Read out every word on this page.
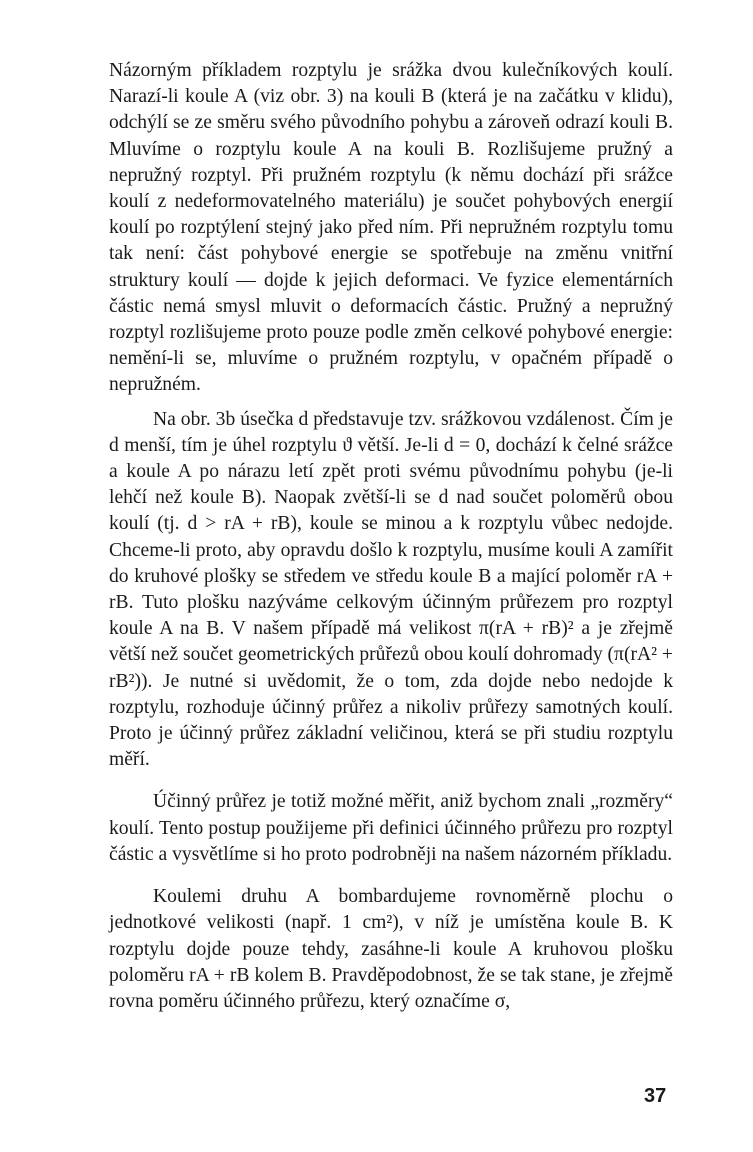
Názorným příkladem rozptylu je srážka dvou kulečníkových koulí. Narazí-li koule A (viz obr. 3) na kouli B (která je na začátku v klidu), odchýlí se ze směru svého původního pohybu a zároveň odrazí kouli B. Mluvíme o rozptylu koule A na kouli B. Rozlišujeme pružný a nepružný rozptyl. Při pružném rozptylu (k němu dochází při srážce koulí z nedeformovatelného materiálu) je součet pohybových energií koulí po rozptýlení stejný jako před ním. Při nepružném rozptylu tomu tak není: část pohybové energie se spotřebuje na změnu vnitřní struktury koulí — dojde k jejich deformaci. Ve fyzice elementárních částic nemá smysl mluvit o deformacích částic. Pružný a nepružný rozptyl rozlišujeme proto pouze podle změn celkové pohybové energie: nemění-li se, mluvíme o pružném rozptylu, v opačném případě o nepružném.

Na obr. 3b úsečka d představuje tzv. srážkovou vzdálenost. Čím je d menší, tím je úhel rozptylu ϑ větší. Je-li d = 0, dochází k čelné srážce a koule A po nárazu letí zpět proti svému původnímu pohybu (je-li lehčí než koule B). Naopak zvětší-li se d nad součet poloměrů obou koulí (tj. d > rA + rB), koule se minou a k rozptylu vůbec nedojde. Chceme-li proto, aby opravdu došlo k rozptylu, musíme kouli A zamířit do kruhové plošky se středem ve středu koule B a mající poloměr rA + rB. Tuto plošku nazýváme celkovým účinným průřezem pro rozptyl koule A na B. V našem případě má velikost π(rA + rB)² a je zřejmě větší než součet geometrických průřezů obou koulí dohromady (π(rA² + rB²)). Je nutné si uvědomit, že o tom, zda dojde nebo nedojde k rozptylu, rozhoduje účinný průřez a nikoliv průřezy samotných koulí. Proto je účinný průřez základní veličinou, která se při studiu rozptylu měří.

Účinný průřez je totiž možné měřit, aniž bychom znali „rozměry“ koulí. Tento postup použijeme při definici účinného průřezu pro rozptyl částic a vysvětlíme si ho proto podrobněji na našem názorném příkladu.

Koulemi druhu A bombardujeme rovnoměrně plochu o jednotkové velikosti (např. 1 cm²), v níž je umístěna koule B. K rozptylu dojde pouze tehdy, zasáhne-li koule A kruhovou plošku poloměru rA + rB kolem B. Pravděpodobnost, že se tak stane, je zřejmě rovna poměru účinného průřezu, který označíme σ,

37
